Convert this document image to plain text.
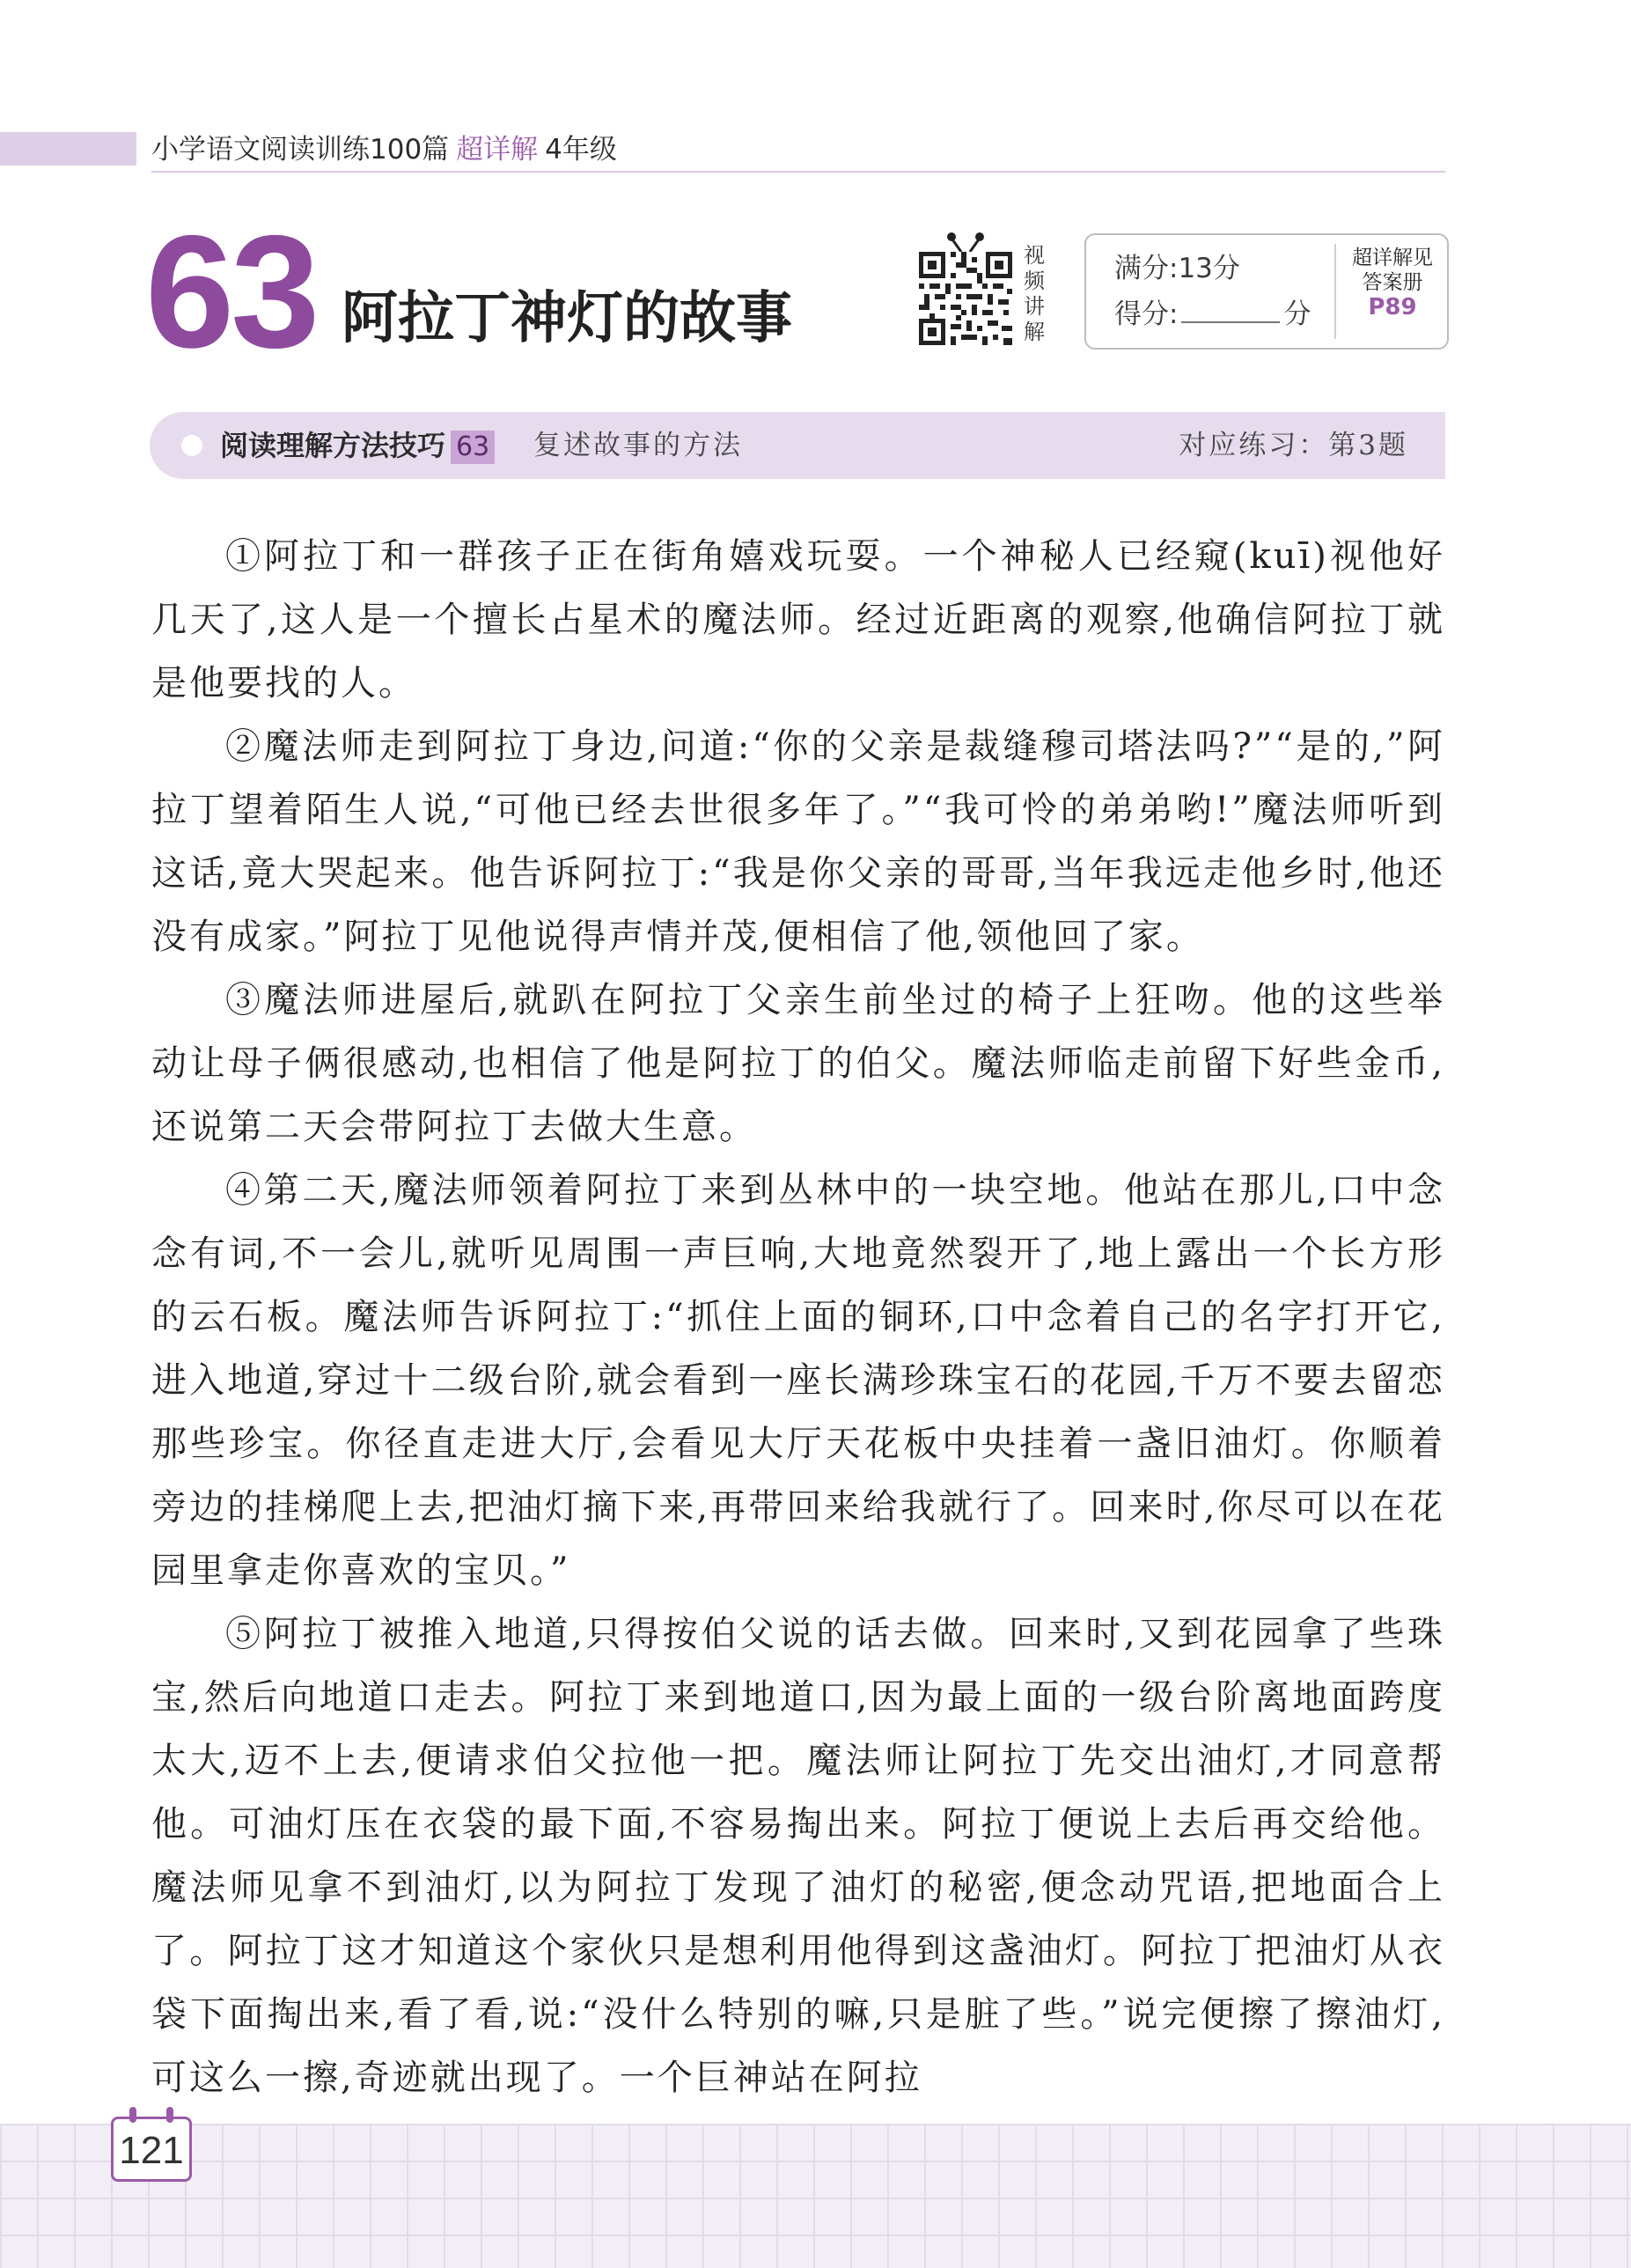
小学语文阅读训练100篇 超详解 4年级
63 阿拉丁神灯的故事
视
频
讲
解
满分:13分
得分:	分
超详解见
答案册
P89
阅读理解方法技巧 63 复述故事的方法	对应练习：第3题

①阿拉丁和一群孩子正在街角嬉戏玩耍。一个神秘人已经窥(kuī)视他好几天了,这人是一个擅长占星术的魔法师。经过近距离的观察,他确信阿拉丁就是他要找的人。

②魔法师走到阿拉丁身边,问道:“你的父亲是裁缝穆司塔法吗?”“是的,”阿拉丁望着陌生人说,“可他已经去世很多年了。”“我可怜的弟弟哟!”魔法师听到这话,竟大哭起来。他告诉阿拉丁:“我是你父亲的哥哥,当年我远走他乡时,他还没有成家。”阿拉丁见他说得声情并茂,便相信了他,领他回了家。

③魔法师进屋后,就趴在阿拉丁父亲生前坐过的椅子上狂吻。他的这些举动让母子俩很感动,也相信了他是阿拉丁的伯父。魔法师临走前留下好些金币,还说第二天会带阿拉丁去做大生意。

④第二天,魔法师领着阿拉丁来到丛林中的一块空地。他站在那儿,口中念念有词,不一会儿,就听见周围一声巨响,大地竟然裂开了,地上露出一个长方形的云石板。魔法师告诉阿拉丁:“抓住上面的铜环,口中念着自己的名字打开它,进入地道,穿过十二级台阶,就会看到一座长满珍珠宝石的花园,千万不要去留恋那些珍宝。你径直走进大厅,会看见大厅天花板中央挂着一盏旧油灯。你顺着旁边的挂梯爬上去,把油灯摘下来,再带回来给我就行了。回来时,你尽可以在花园里拿走你喜欢的宝贝。”

⑤阿拉丁被推入地道,只得按伯父说的话去做。回来时,又到花园拿了些珠宝,然后向地道口走去。阿拉丁来到地道口,因为最上面的一级台阶离地面跨度太大,迈不上去,便请求伯父拉他一把。魔法师让阿拉丁先交出油灯,才同意帮他。可油灯压在衣袋的最下面,不容易掏出来。阿拉丁便说上去后再交给他。魔法师见拿不到油灯,以为阿拉丁发现了油灯的秘密,便念动咒语,把地面合上了。阿拉丁这才知道这个家伙只是想利用他得到这盏油灯。阿拉丁把油灯从衣袋下面掏出来,看了看,说:“没什么特别的嘛,只是脏了些。”说完便擦了擦油灯,可这么一擦,奇迹就出现了。一个巨神站在阿拉

121
